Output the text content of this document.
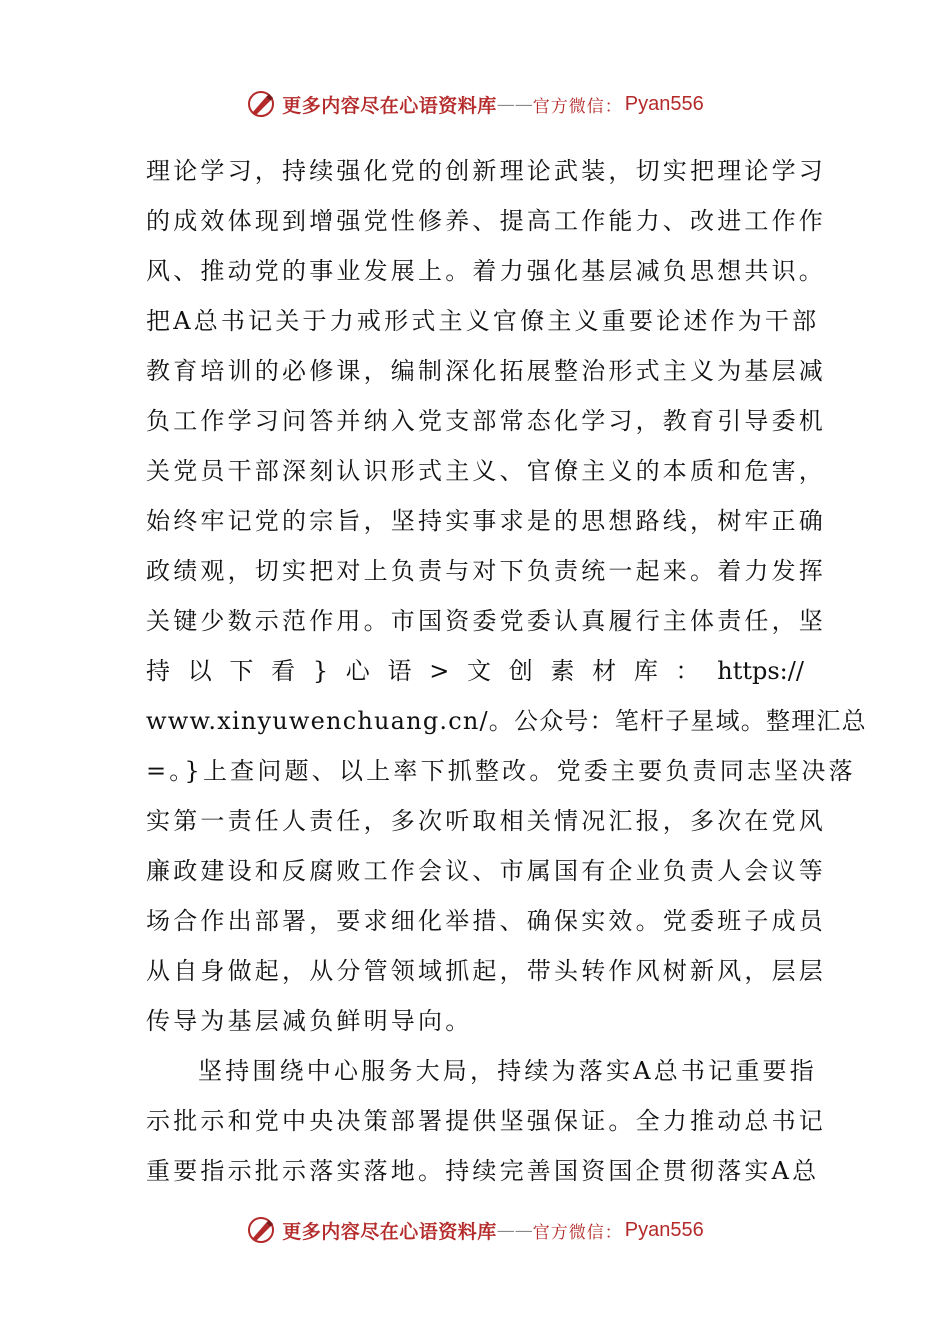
更多内容尽在心语资料库 —— 官方微信： Pyan556
理论学习，持续强化党的创新理论武装，切实把理论学习
的成效体现到增强党性修养、提高工作能力、改进工作作
风、推动党的事业发展上。着力强化基层减负思想共识。
把A总书记关于力戒形式主义官僚主义重要论述作为干部
教育培训的必修课，编制深化拓展整治形式主义为基层减
负工作学习问答并纳入党支部常态化学习，教育引导委机
关党员干部深刻认识形式主义、官僚主义的本质和危害，
始终牢记党的宗旨，坚持实事求是的思想路线，树牢正确
政绩观，切实把对上负责与对下负责统一起来。着力发挥
关键少数示范作用。市国资委党委认真履行主体责任，坚
持 以 下 看 } 心 语 > 文 创 素 材 库 ： https://
www.xinyuwenchuang.cn/。公众号：笔杆子星域。整理汇总
=。}上查问题、以上率下抓整改。党委主要负责同志坚决落
实第一责任人责任，多次听取相关情况汇报，多次在党风
廉政建设和反腐败工作会议、市属国有企业负责人会议等
场合作出部署，要求细化举措、确保实效。党委班子成员
从自身做起，从分管领域抓起，带头转作风树新风，层层
传导为基层减负鲜明导向。
坚持围绕中心服务大局，持续为落实A总书记重要指
示批示和党中央决策部署提供坚强保证。全力推动总书记
重要指示批示落实落地。持续完善国资国企贯彻落实A总
更多内容尽在心语资料库 —— 官方微信： Pyan556
